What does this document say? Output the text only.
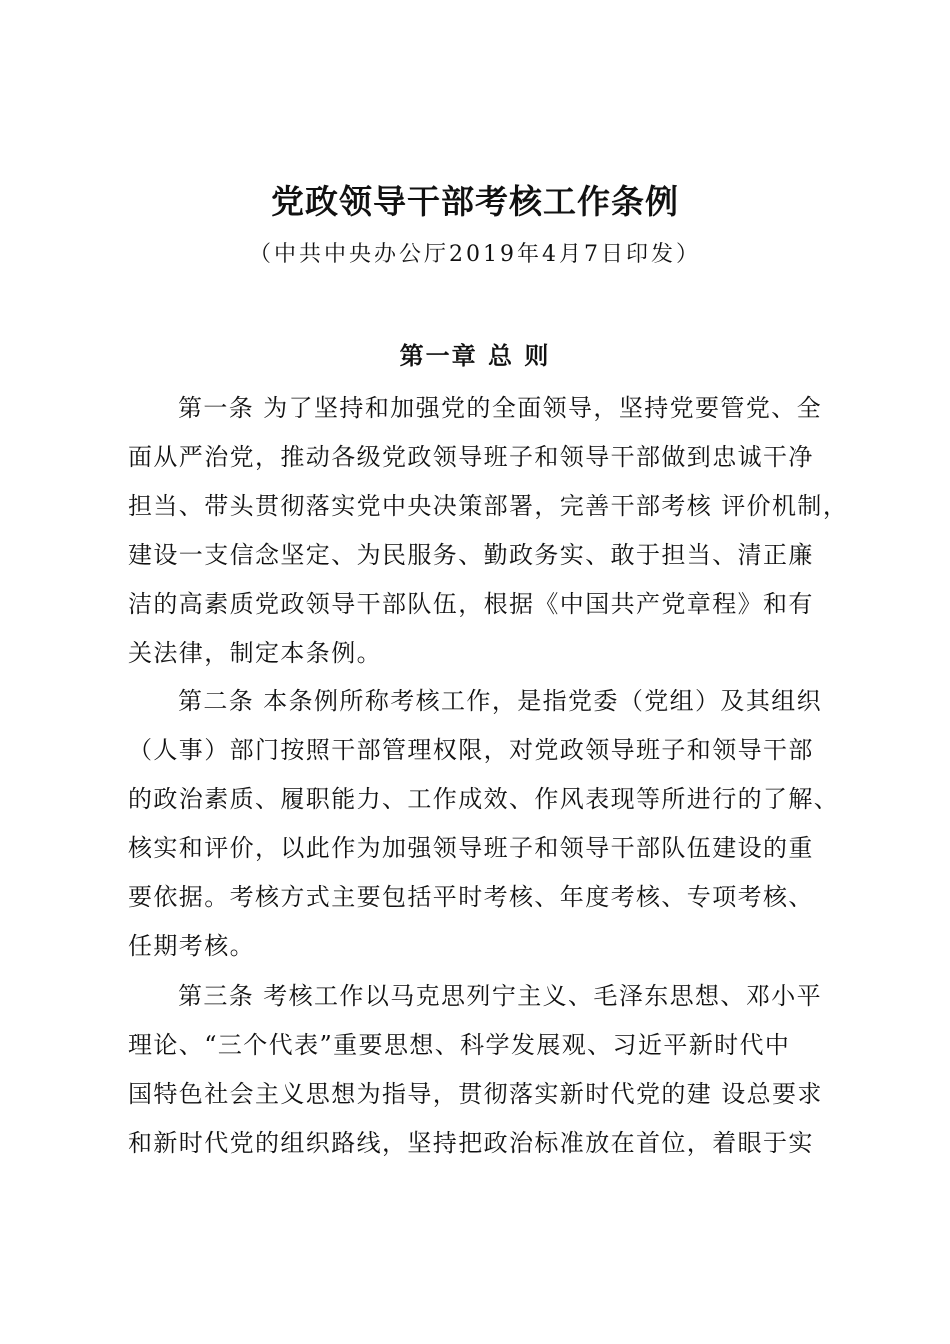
党政领导干部考核工作条例
（中共中央办公厅2019年4月7日印发）
第一章 总 则
第一条 为了坚持和加强党的全面领导，坚持党要管党、全
面从严治党，推动各级党政领导班子和领导干部做到忠诚干净
担当、带头贯彻落实党中央决策部署，完善干部考核 评价机制，
建设一支信念坚定、为民服务、勤政务实、敢于担当、清正廉
洁的高素质党政领导干部队伍，根据《中国共产党章程》和有
关法律，制定本条例。
第二条 本条例所称考核工作，是指党委（党组）及其组织
（人事）部门按照干部管理权限，对党政领导班子和领导干部
的政治素质、履职能力、工作成效、作风表现等所进行的了解、
核实和评价，以此作为加强领导班子和领导干部队伍建设的重
要依据。考核方式主要包括平时考核、年度考核、专项考核、
任期考核。
第三条 考核工作以马克思列宁主义、毛泽东思想、邓小平
理论、“三个代表”重要思想、科学发展观、习近平新时代中
国特色社会主义思想为指导，贯彻落实新时代党的建 设总要求
和新时代党的组织路线，坚持把政治标准放在首位，着眼于实
